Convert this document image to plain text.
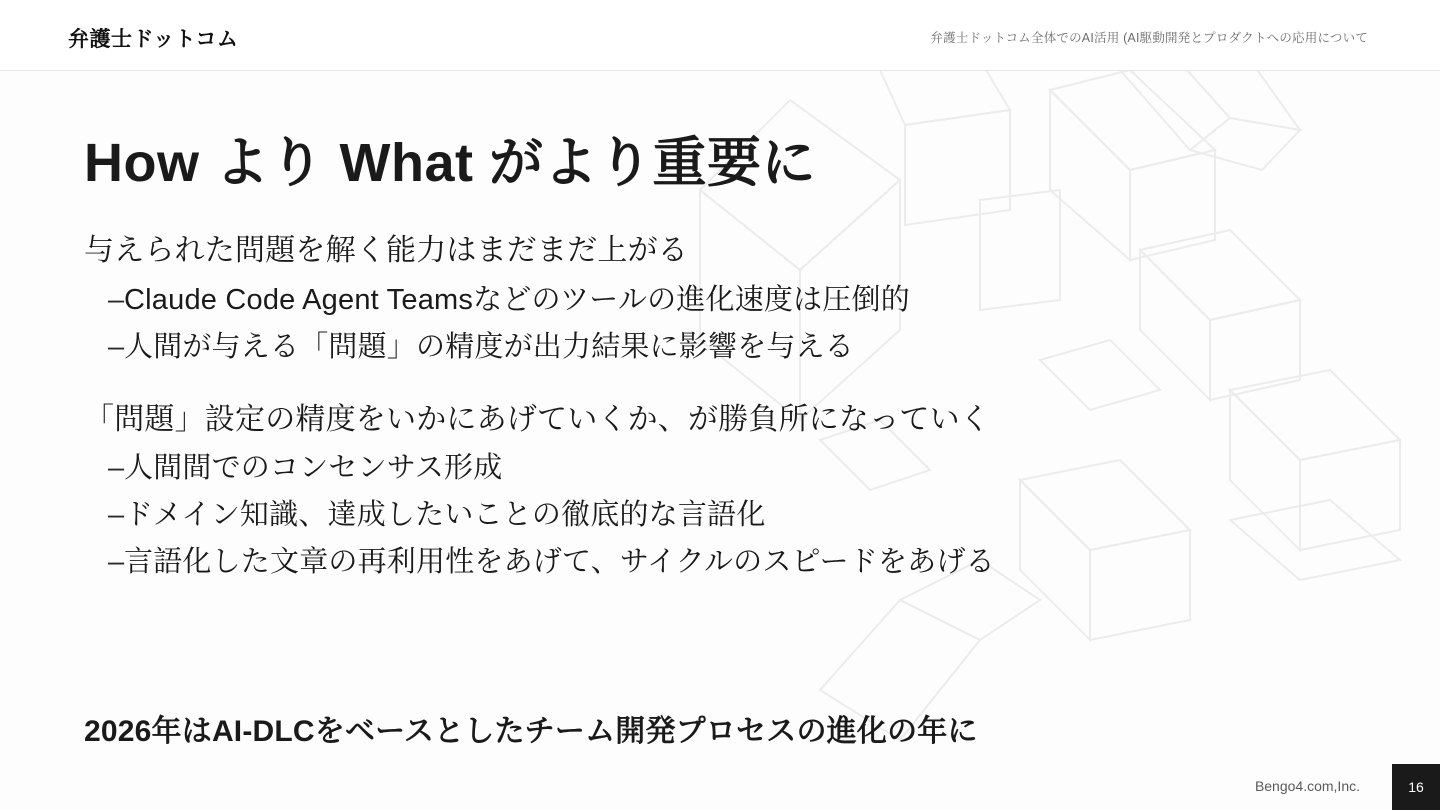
弁護士ドットコム	弁護士ドットコム全体でのAI活用 (AI駆動開発とプロダクトへの応用について
How より What がより重要に
与えられた問題を解く能力はまだまだ上がる
– Claude Code Agent Teamsなどのツールの進化速度は圧倒的
– 人間が与える「問題」の精度が出力結果に影響を与える
「問題」設定の精度をいかにあげていくか、が勝負所になっていく
– 人間間でのコンセンサス形成
– ドメイン知識、達成したいことの徹底的な言語化
– 言語化した文章の再利用性をあげて、サイクルのスピードをあげる
2026年はAI-DLCをベースとしたチーム開発プロセスの進化の年に
Bengo4.com,Inc.	16
